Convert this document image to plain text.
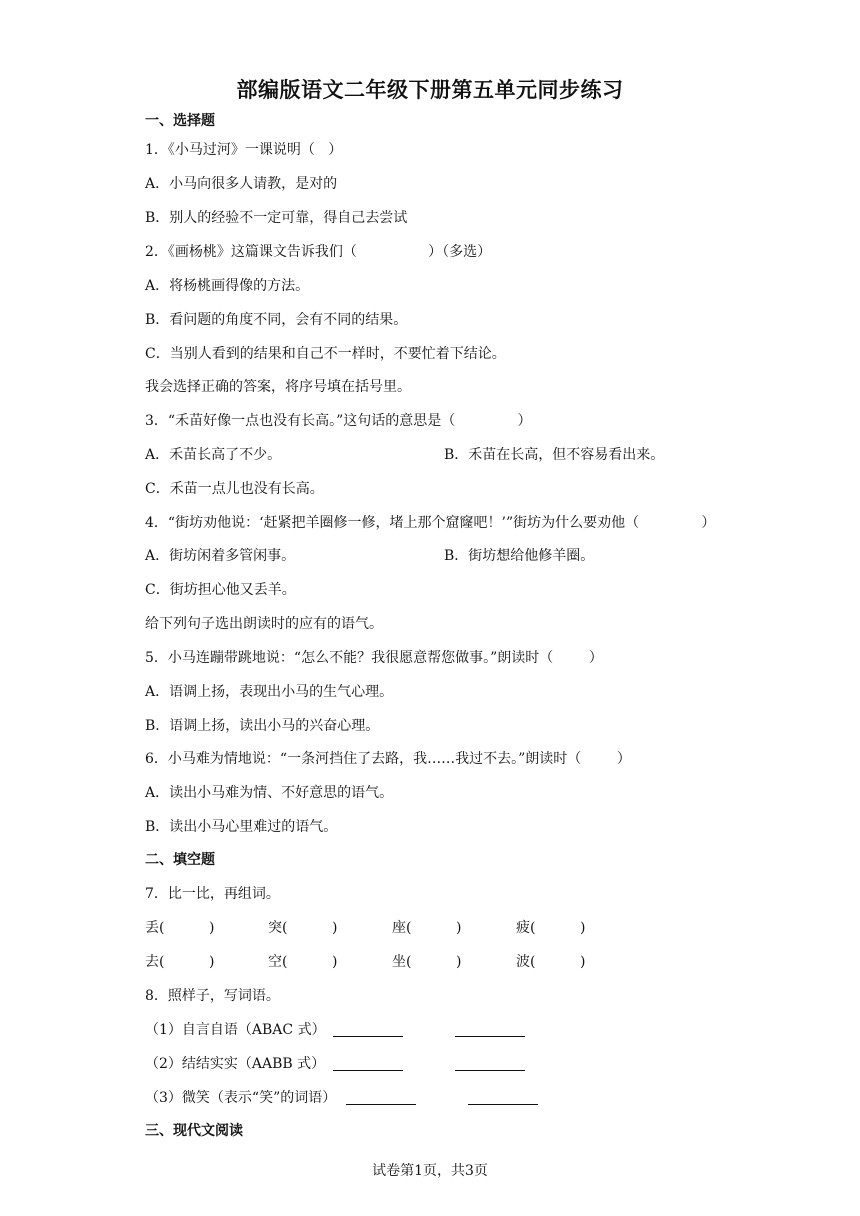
部编版语文二年级下册第五单元同步练习
一、选择题
1．《小马过河》一课说明（   ）
A．小马向很多人请教，是对的
B．别人的经验不一定可靠，得自己去尝试
2．《画杨桃》这篇课文告诉我们（                ）（多选）
A．将杨桃画得像的方法。
B．看问题的角度不同，会有不同的结果。
C．当别人看到的结果和自己不一样时，不要忙着下结论。
我会选择正确的答案，将序号填在括号里。
3．“禾苗好像一点也没有长高。”这句话的意思是（              ）
A．禾苗长高了不少。	B．禾苗在长高，但不容易看出来。
C．禾苗一点儿也没有长高。
4．“街坊劝他说：‘赶紧把羊圈修一修，堵上那个窟窿吧！’”街坊为什么要劝他（              ）
A．街坊闲着多管闲事。	B．街坊想给他修羊圈。
C．街坊担心他又丢羊。
给下列句子选出朗读时的应有的语气。
5．小马连蹦带跳地说：“怎么不能？我很愿意帮您做事。”朗读时（        ）
A．语调上扬，表现出小马的生气心理。
B．语调上扬，读出小马的兴奋心理。
6．小马难为情地说：“一条河挡住了去路，我……我过不去。”朗读时（        ）
A．读出小马难为情、不好意思的语气。
B．读出小马心里难过的语气。
二、填空题
7．比一比，再组词。
丢(          )	突(          )	座(          )	疲(          )
去(          )	空(          )	坐(          )	波(          )
8．照样子，写词语。
（1）自言自语（ABAC 式）
（2）结结实实（AABB 式）
（3）微笑（表示“笑”的词语）
三、现代文阅读
试卷第1页，共3页
